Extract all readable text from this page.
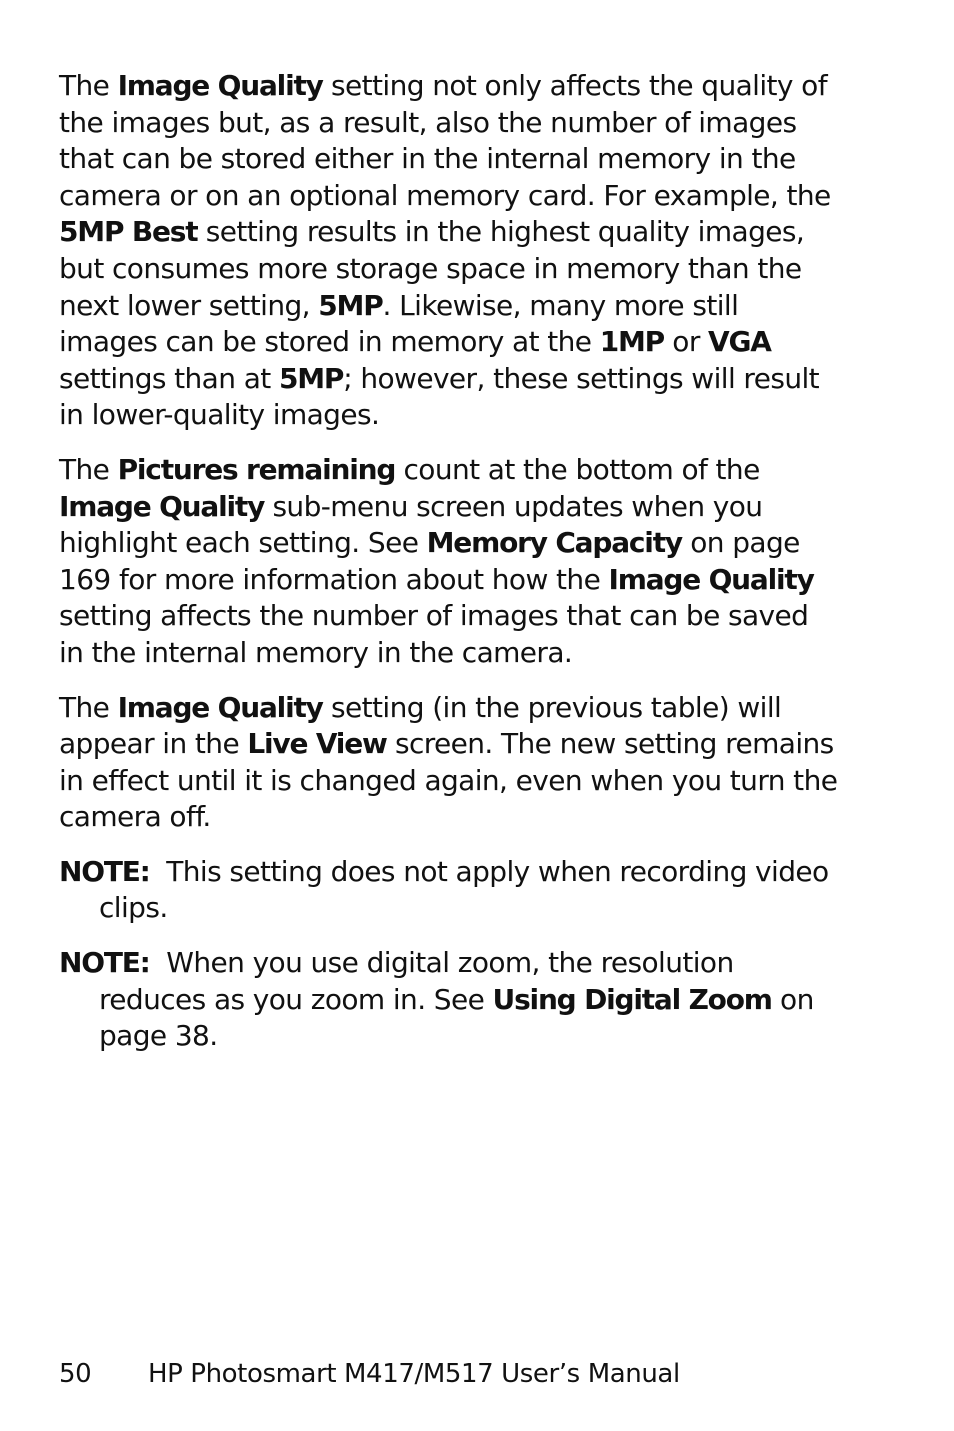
The Image Quality setting not only affects the quality of the images but, as a result, also the number of images that can be stored either in the internal memory in the camera or on an optional memory card. For example, the 5MP Best setting results in the highest quality images, but consumes more storage space in memory than the next lower setting, 5MP. Likewise, many more still images can be stored in memory at the 1MP or VGA settings than at 5MP; however, these settings will result in lower-quality images.

The Pictures remaining count at the bottom of the Image Quality sub-menu screen updates when you highlight each setting. See Memory Capacity on page 169 for more information about how the Image Quality setting affects the number of images that can be saved in the internal memory in the camera.

The Image Quality setting (in the previous table) will appear in the Live View screen. The new setting remains in effect until it is changed again, even when you turn the camera off.

NOTE: This setting does not apply when recording video clips.

NOTE: When you use digital zoom, the resolution reduces as you zoom in. See Using Digital Zoom on page 38.

50 HP Photosmart M417/M517 User’s Manual
